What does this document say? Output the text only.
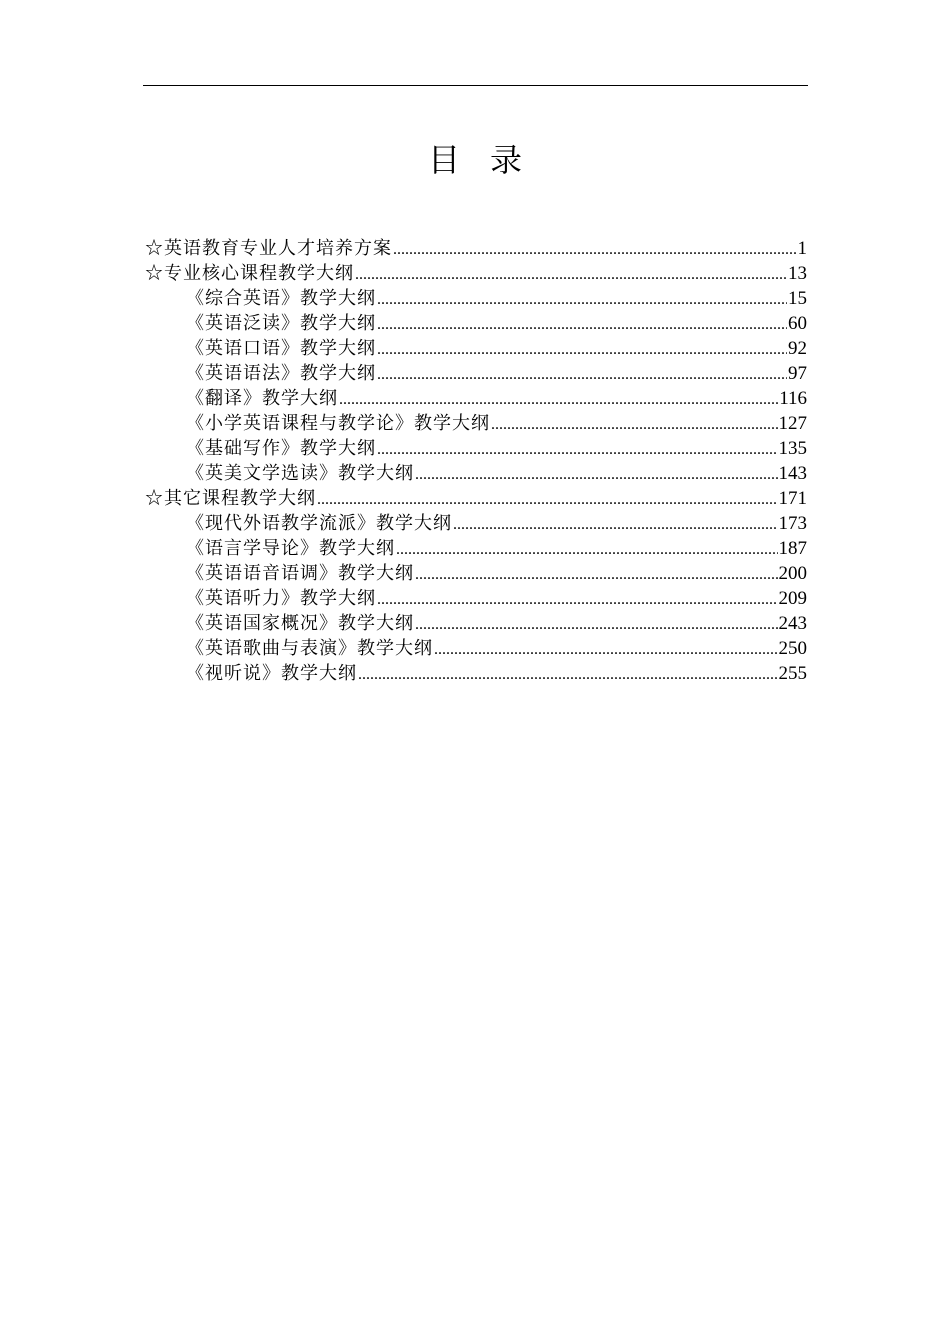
目录
☆英语教育专业人才培养方案 .....	1
☆专业核心课程教学大纲 .....	13
《综合英语》教学大纲 .....	15
《英语泛读》教学大纲 .....	60
《英语口语》教学大纲 .....	92
《英语语法》教学大纲 .....	97
《翻译》教学大纲 .....	116
《小学英语课程与教学论》教学大纲 .....	127
《基础写作》教学大纲 .....	135
《英美文学选读》教学大纲 .....	143
☆其它课程教学大纲 .....	171
《现代外语教学流派》教学大纲 .....	173
《语言学导论》教学大纲 .....	187
《英语语音语调》教学大纲 .....	200
《英语听力》教学大纲 .....	209
《英语国家概况》教学大纲 .....	243
《英语歌曲与表演》教学大纲 .....	250
《视听说》教学大纲 .....	255
